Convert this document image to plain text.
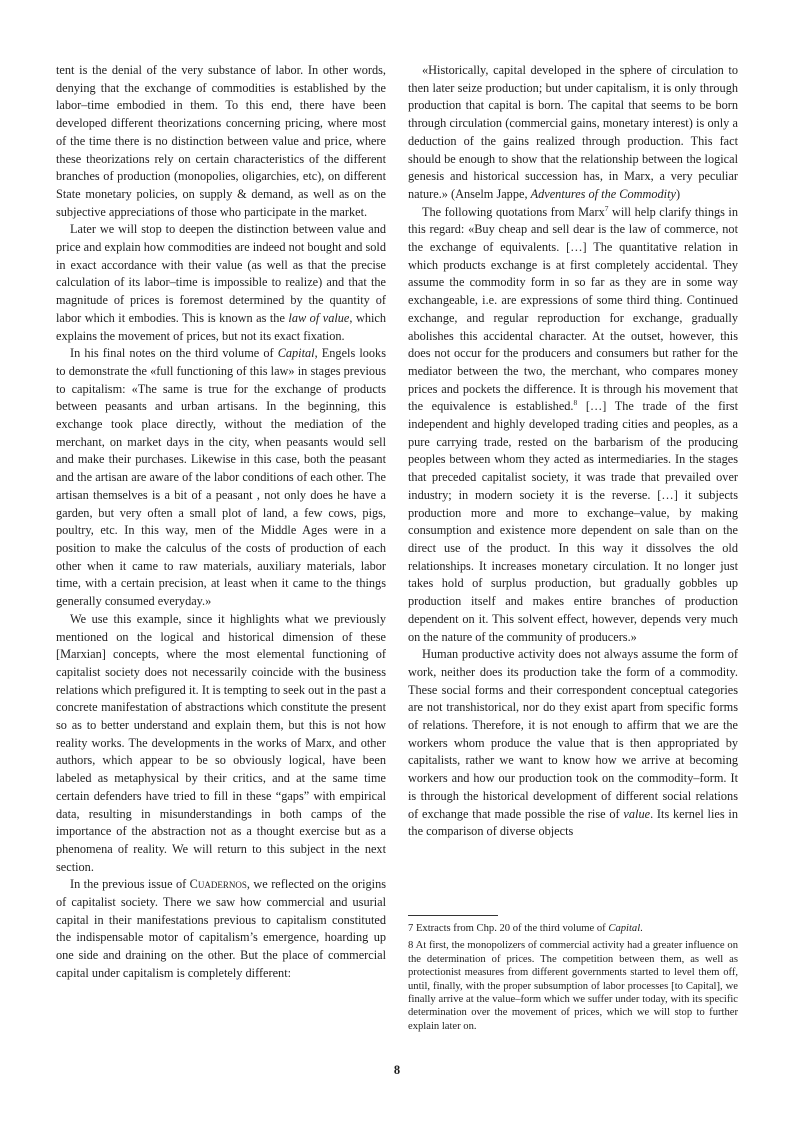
tent is the denial of the very substance of labor. In other words, denying that the exchange of commodities is established by the labor–time embodied in them. To this end, there have been developed different theorizations concerning pricing, where most of the time there is no distinction between value and price, where these theorizations rely on certain characteristics of the different branches of production (monopolies, oligarchies, etc), on different State monetary policies, on supply & demand, as well as on the subjective appreciations of those who participate in the market.

Later we will stop to deepen the distinction between value and price and explain how commodities are indeed not bought and sold in exact accordance with their value (as well as that the precise calculation of its labor–time is impossible to realize) and that the magnitude of prices is foremost determined by the quantity of labor which it embodies. This is known as the law of value, which explains the movement of prices, but not its exact fixation.

In his final notes on the third volume of Capital, Engels looks to demonstrate the «full functioning of this law» in stages previous to capitalism: «The same is true for the exchange of products between peasants and urban artisans. In the beginning, this exchange took place directly, without the mediation of the merchant, on market days in the city, when peasants would sell and make their purchases. Likewise in this case, both the peasant and the artisan are aware of the labor conditions of each other. The artisan themselves is a bit of a peasant , not only does he have a garden, but very often a small plot of land, a few cows, pigs, poultry, etc. In this way, men of the Middle Ages were in a position to make the calculus of the costs of production of each other when it came to raw materials, auxiliary materials, labor time, with a certain precision, at least when it came to the things generally consumed everyday.»

We use this example, since it highlights what we previously mentioned on the logical and historical dimension of these [Marxian] concepts, where the most elemental functioning of capitalist society does not necessarily coincide with the business relations which prefigured it. It is tempting to seek out in the past a concrete manifestation of abstractions which constitute the present so as to better understand and explain them, but this is not how reality works. The developments in the works of Marx, and other authors, which appear to be so obviously logical, have been labeled as metaphysical by their critics, and at the same time certain defenders have tried to fill in these “gaps” with empirical data, resulting in misunderstandings in both camps of the importance of the abstraction not as a thought exercise but as a phenomena of reality. We will return to this subject in the next section.

In the previous issue of Cuadernos, we reflected on the origins of capitalist society. There we saw how commercial and usurial capital in their manifestations previous to capitalism constituted the indispensable motor of capitalism’s emergence, hoarding up one side and draining on the other. But the place of commercial capital under capitalism is completely different:

«Historically, capital developed in the sphere of circulation to then later seize production; but under capitalism, it is only through production that capital is born. The capital that seems to be born through circulation (commercial gains, monetary interest) is only a deduction of the gains realized through production. This fact should be enough to show that the relationship between the logical genesis and historical succession has, in Marx, a very peculiar nature.» (Anselm Jappe, Adventures of the Commodity)

The following quotations from Marx$^7$ will help clarify things in this regard: «Buy cheap and sell dear is the law of commerce, not the exchange of equivalents. […] The quantitative relation in which products exchange is at first completely accidental. They assume the commodity form in so far as they are in some way exchangeable, i.e. are expressions of some third thing. Continued exchange, and regular reproduction for exchange, gradually abolishes this accidental character. At the outset, however, this does not occur for the producers and consumers but rather for the mediator between the two, the merchant, who compares money prices and pockets the difference. It is through his movement that the equivalence is established.$^8$ […] The trade of the first independent and highly developed trading cities and peoples, as a pure carrying trade, rested on the barbarism of the producing peoples between whom they acted as intermediaries. In the stages that preceded capitalist society, it was trade that prevailed over industry; in modern society it is the reverse. […] it subjects production more and more to exchange–value, by making consumption and existence more dependent on sale than on the direct use of the product. In this way it dissolves the old relationships. It increases monetary circulation. It no longer just takes hold of surplus production, but gradually gobbles up production itself and makes entire branches of production dependent on it. This solvent effect, however, depends very much on the nature of the community of producers.»

Human productive activity does not always assume the form of work, neither does its production take the form of a commodity. These social forms and their correspondent conceptual categories are not transhistorical, nor do they exist apart from specific forms of relations. Therefore, it is not enough to affirm that we are the workers whom produce the value that is then appropriated by capitalists, rather we want to know how we arrive at becoming workers and how our production took on the commodity–form. It is through the historical development of different social relations of exchange that made possible the rise of value. Its kernel lies in the comparison of diverse objects

7 Extracts from Chp. 20 of the third volume of Capital.

8 At first, the monopolizers of commercial activity had a greater influence on the determination of prices. The competition between them, as well as protectionist measures from different governments started to level them off, until, finally, with the proper subsumption of labor processes [to Capital], we finally arrive at the value–form which we suffer under today, with its specific determination over the movement of prices, which we will stop to further explain later on.

8
